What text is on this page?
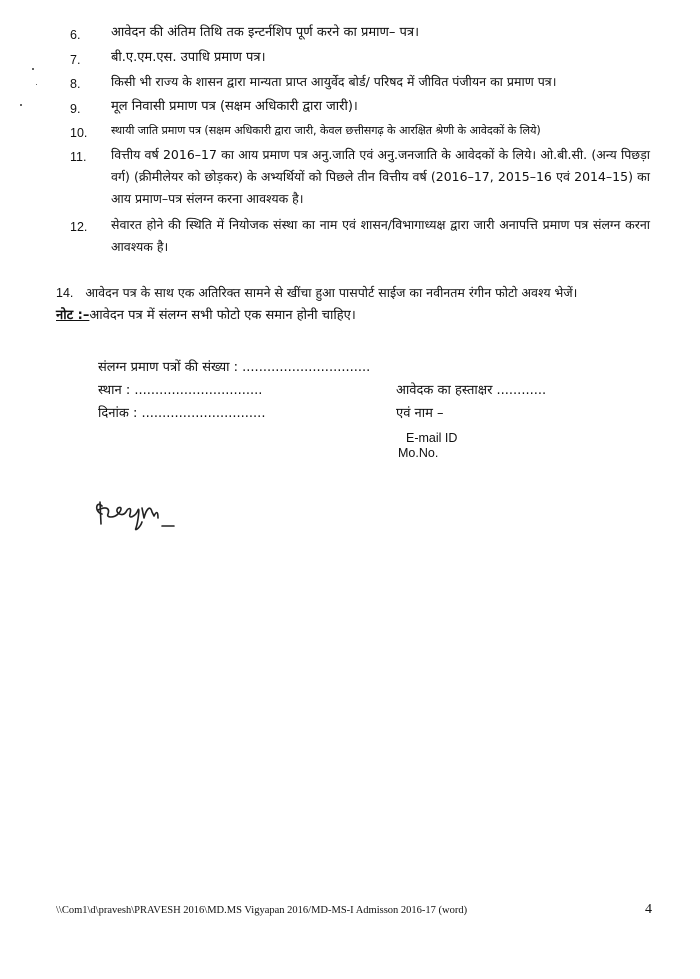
6.	आवेदन की अंतिम तिथि तक इन्टर्नशिप पूर्ण करने का प्रमाण– पत्र।
7.	बी.ए.एम.एस. उपाधि प्रमाण पत्र।
8.	किसी भी राज्य के शासन द्वारा मान्यता प्राप्त आयुर्वेद बोर्ड/ परिषद में जीवित पंजीयन का प्रमाण पत्र।
9.	मूल निवासी प्रमाण पत्र (सक्षम अधिकारी द्वारा जारी)।
10.	स्थायी जाति प्रमाण पत्र (सक्षम अधिकारी द्वारा जारी, केवल छत्तीसगढ़ के आरक्षित श्रेणी के आवेदकों के लिये)
11.	वित्तीय वर्ष 2016–17 का आय प्रमाण पत्र अनु.जाति एवं अनु.जनजाति के आवेदकों के लिये। ओ.बी.सी. (अन्य पिछड़ा वर्ग) (क्रीमीलेयर को छोड़कर) के अभ्यर्थियों को पिछले तीन वित्तीय वर्ष (2016–17, 2015–16 एवं 2014–15) का आय प्रमाण–पत्र संलग्न करना आवश्यक है।
12.	सेवारत होने की स्थिति में नियोजक संस्था का नाम एवं शासन/विभागाध्यक्ष द्वारा जारी अनापत्ति प्रमाण पत्र संलग्न करना आवश्यक है।
14. आवेदन पत्र के साथ एक अतिरिक्त सामने से खींचा हुआ पासपोर्ट साईज का नवीनतम रंगीन फोटो अवश्य भेजें।
नोट :–आवेदन पत्र में संलग्न सभी फोटो एक समान होनी चाहिए।
संलग्न प्रमाण पत्रों की संख्या : ...............................
स्थान : ...............................
दिनांक : ..............................
आवेदक का हस्ताक्षर ............
एवं नाम –
E-mail ID
Mo.No.
\\Com1\d\pravesh\PRAVESH 2016\MD.MS Vigyapan 2016/MD-MS-I Admisson 2016-17 (word)	4
